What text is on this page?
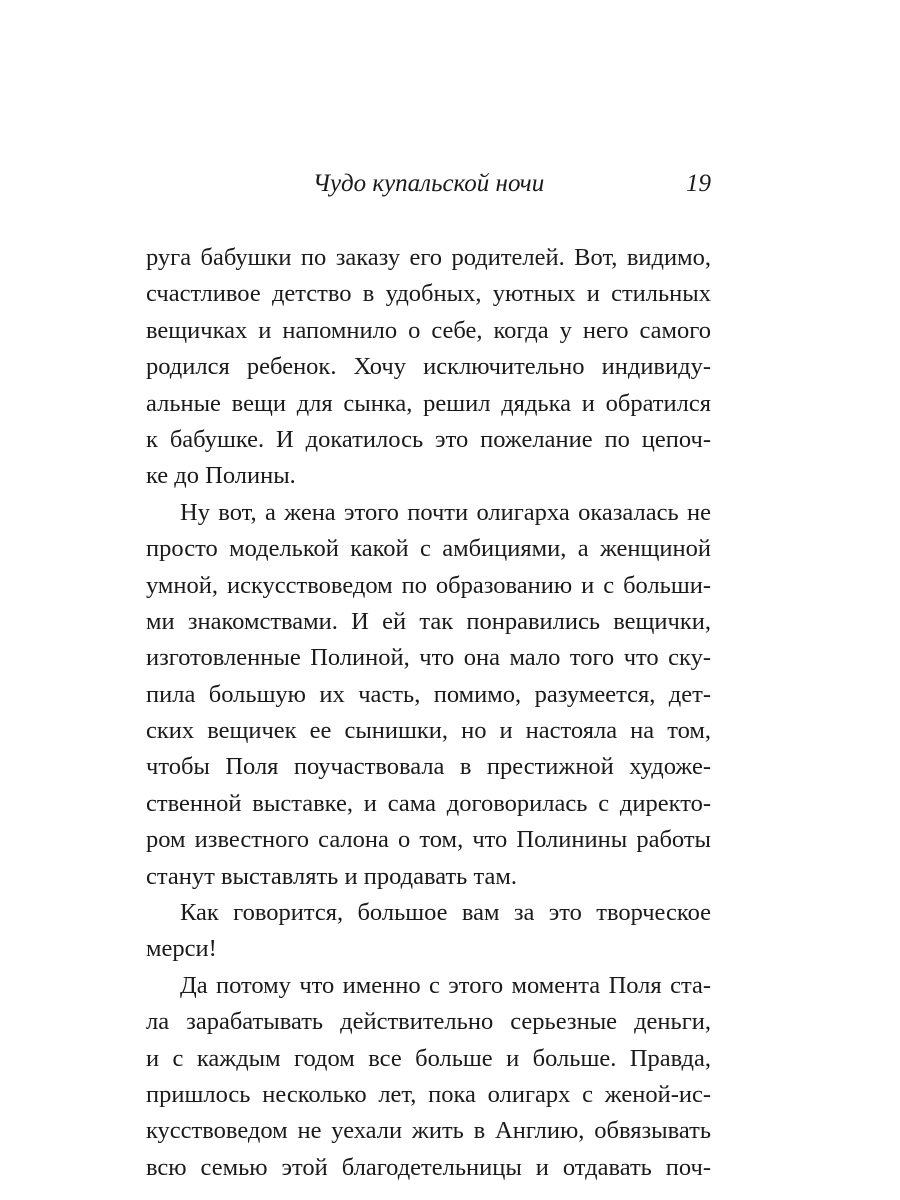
Чудо купальской ночи	19
руга бабушки по заказу его родителей. Вот, видимо,
счастливое детство в удобных, уютных и стильных
вещичках и напомнило о себе, когда у него самого
родился ребенок. Хочу исключительно индивиду-
альные вещи для сынка, решил дядька и обратился
к бабушке. И докатилось это пожелание по цепоч-
ке до Полины.
Ну вот, а жена этого почти олигарха оказалась не
просто моделькой какой с амбициями, а женщиной
умной, искусствоведом по образованию и с больши-
ми знакомствами. И ей так понравились вещички,
изготовленные Полиной, что она мало того что ску-
пила большую их часть, помимо, разумеется, дет-
ских вещичек ее сынишки, но и настояла на том,
чтобы Поля поучаствовала в престижной художе-
ственной выставке, и сама договорилась с директо-
ром известного салона о том, что Полинины работы
станут выставлять и продавать там.
Как говорится, большое вам за это творческое
мерси!
Да потому что именно с этого момента Поля ста-
ла зарабатывать действительно серьезные деньги,
и с каждым годом все больше и больше. Правда,
пришлось несколько лет, пока олигарх с женой-ис-
кусствоведом не уехали жить в Англию, обвязывать
всю семью этой благодетельницы и отдавать поч-
